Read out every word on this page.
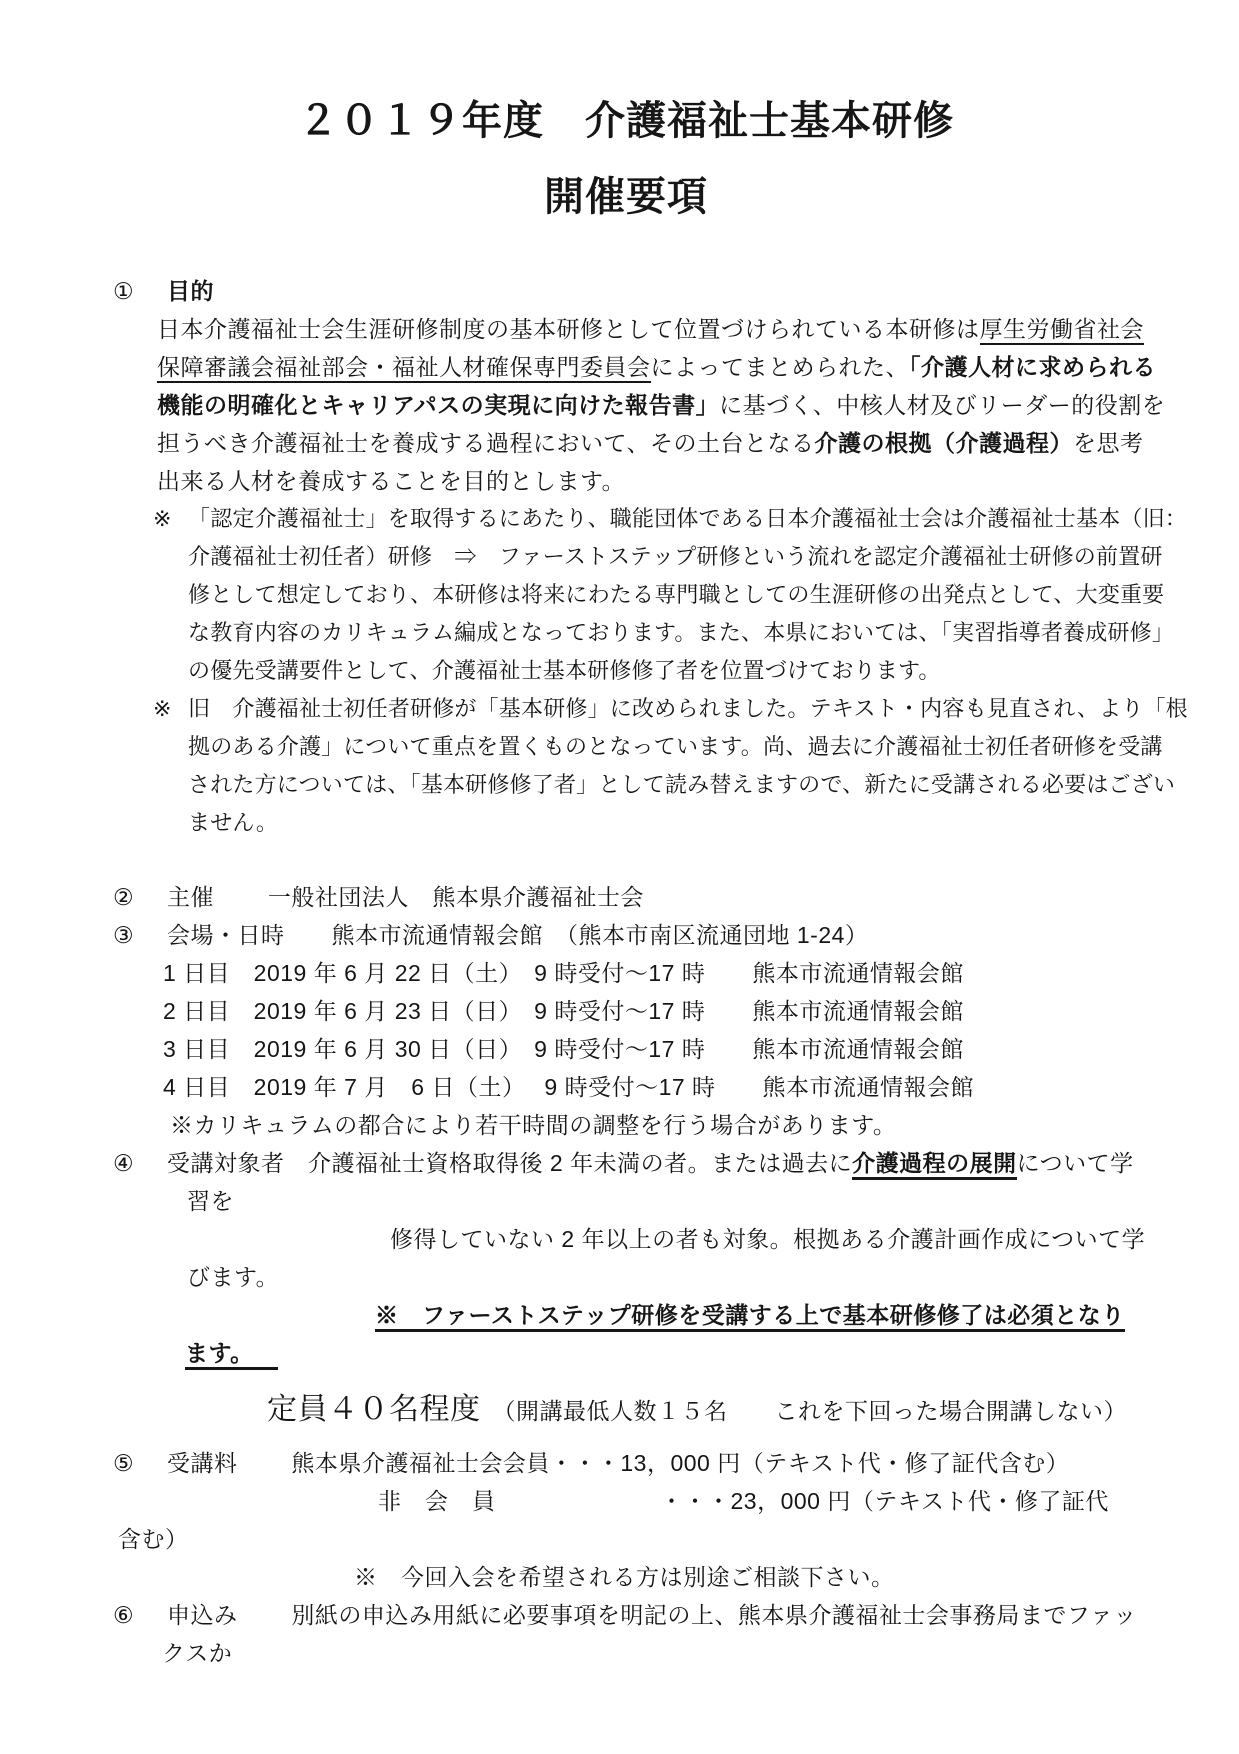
２０１９年度　介護福祉士基本研修
開催要項
① 目的
日本介護福祉士会生涯研修制度の基本研修として位置づけられている本研修は厚生労働省社会
保障審議会福祉部会・福祉人材確保専門委員会によってまとめられた、「介護人材に求められる
機能の明確化とキャリアパスの実現に向けた報告書」に基づく、中核人材及びリーダー的役割を
担うべき介護福祉士を養成する過程において、その土台となる介護の根拠（介護過程）を思考
出来る人材を養成することを目的とします。
※ 「認定介護福祉士」を取得するにあたり、職能団体である日本介護福祉士会は介護福祉士基本（旧：
介護福祉士初任者）研修　⇒　ファーストステップ研修という流れを認定介護福祉士研修の前置研
修として想定しており、本研修は将来にわたる専門職としての生涯研修の出発点として、大変重要
な教育内容のカリキュラム編成となっております。また、本県においては、「実習指導者養成研修」
の優先受講要件として、介護福祉士基本研修修了者を位置づけております。
※ 旧　介護福祉士初任者研修が「基本研修」に改められました。テキスト・内容も見直され、より「根
拠のある介護」について重点を置くものとなっています。尚、過去に介護福祉士初任者研修を受講
された方については、「基本研修修了者」として読み替えますので、新たに受講される必要はござい
ません。
② 主催　　 一般社団法人　熊本県介護福祉士会
③ 会場・日時　　熊本市流通情報会館　（熊本市南区流通団地 1-24）
1 日目　2019 年 6 月 22 日（土）　9 時受付～17 時　　熊本市流通情報会館
2 日目　2019 年 6 月 23 日（日）　9 時受付～17 時　　熊本市流通情報会館
3 日目　2019 年 6 月 30 日（日）　9 時受付～17 時　　熊本市流通情報会館
4 日目　2019 年 7 月　6 日（土）　 9 時受付～17 時　　熊本市流通情報会館
※カリキュラムの都合により若干時間の調整を行う場合があります。
④ 受講対象者　介護福祉士資格取得後 2 年未満の者。または過去に介護過程の展開について学
習を
修得していない 2 年以上の者も対象。根拠ある介護計画作成について学
びます。
※　ファーストステップ研修を受講する上で基本研修修了は必須となり
ます。
定員４０名程度　（開講最低人数１５名　　これを下回った場合開講しない）
⑤ 受講料　　 熊本県介護福祉士会会員・・・13，000 円（テキスト代・修了証代含む）
非　会　員　　　　　　　・・・23，000 円（テキスト代・修了証代
含む）
※　今回入会を希望される方は別途ご相談下さい。
⑥ 申込み　　 別紙の申込み用紙に必要事項を明記の上、熊本県介護福祉士会事務局までファッ
クスか
